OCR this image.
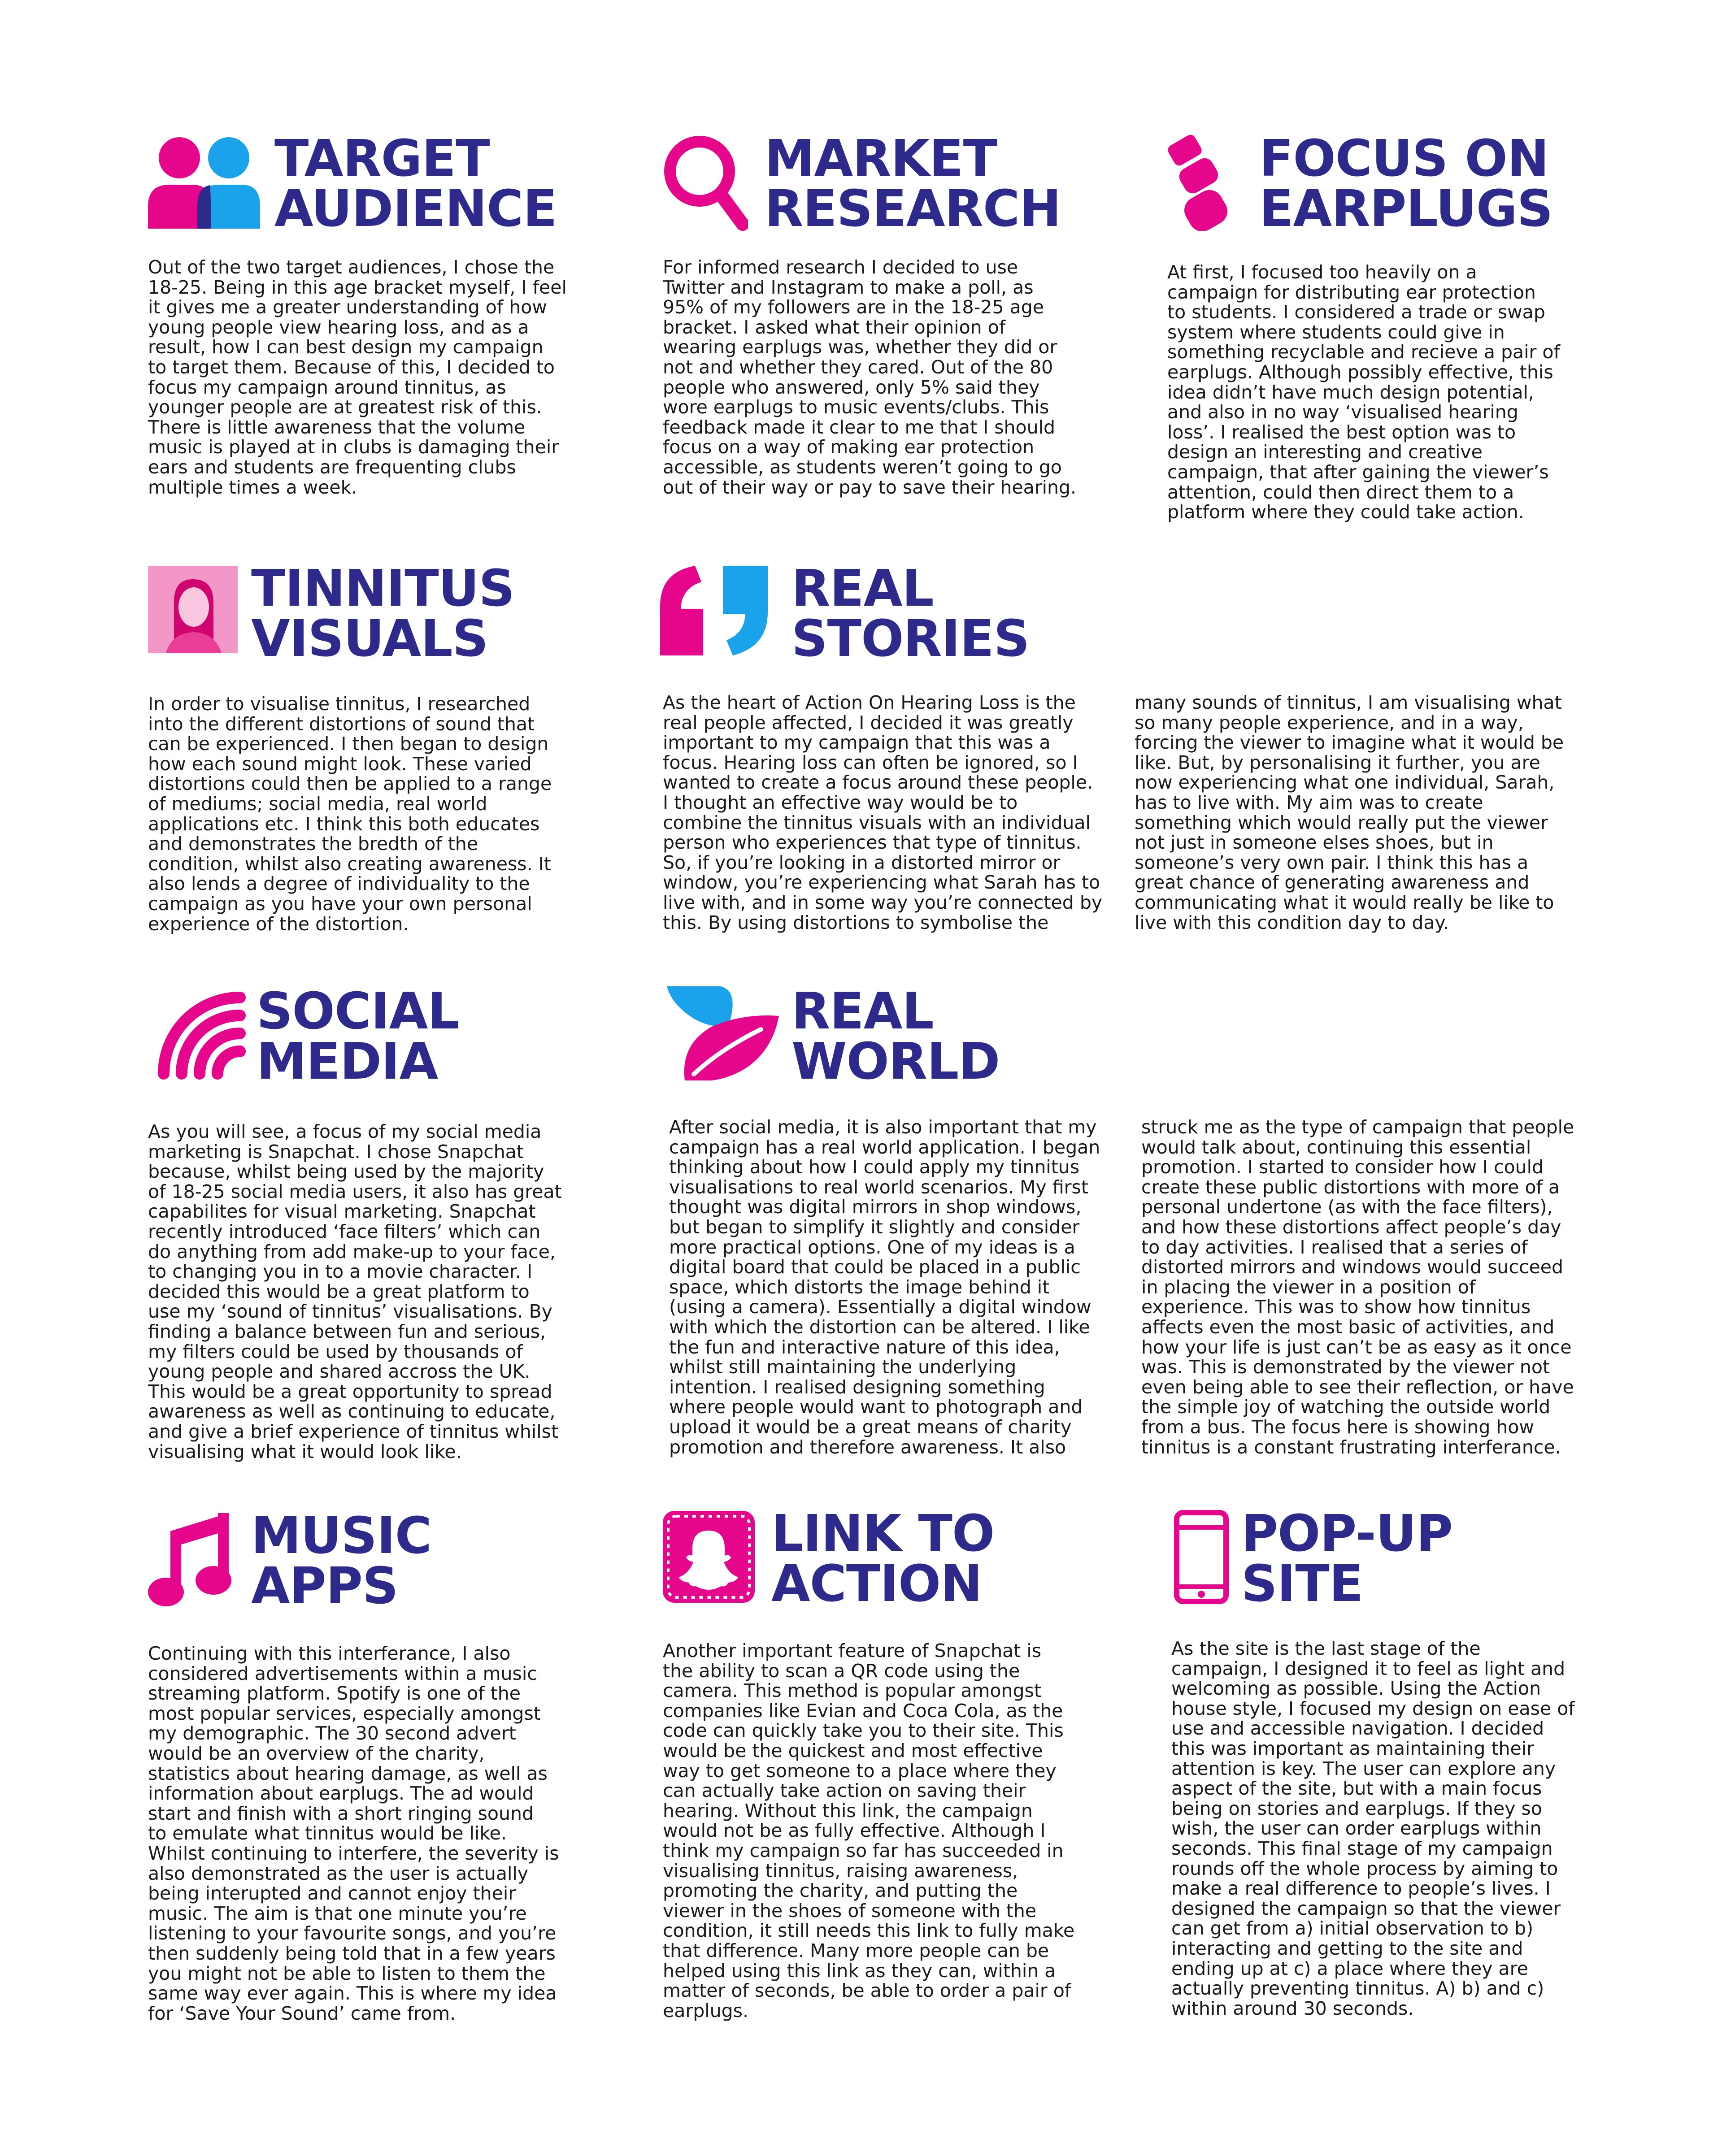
TARGET
AUDIENCE

Out of the two target audiences, I chose the
18-25. Being in this age bracket myself, I feel
it gives me a greater understanding of how
young people view hearing loss, and as a
result, how I can best design my campaign
to target them. Because of this, I decided to
focus my campaign around tinnitus, as
younger people are at greatest risk of this.
There is little awareness that the volume
music is played at in clubs is damaging their
ears and students are frequenting clubs
multiple times a week.

MARKET
RESEARCH

For informed research I decided to use
Twitter and Instagram to make a poll, as
95% of my followers are in the 18-25 age
bracket. I asked what their opinion of
wearing earplugs was, whether they did or
not and whether they cared. Out of the 80
people who answered, only 5% said they
wore earplugs to music events/clubs. This
feedback made it clear to me that I should
focus on a way of making ear protection
accessible, as students weren’t going to go
out of their way or pay to save their hearing.

FOCUS ON
EARPLUGS

At first, I focused too heavily on a
campaign for distributing ear protection
to students. I considered a trade or swap
system where students could give in
something recyclable and recieve a pair of
earplugs. Although possibly effective, this
idea didn’t have much design potential,
and also in no way ‘visualised hearing
loss’. I realised the best option was to
design an interesting and creative
campaign, that after gaining the viewer’s
attention, could then direct them to a
platform where they could take action.

TINNITUS
VISUALS

In order to visualise tinnitus, I researched
into the different distortions of sound that
can be experienced. I then began to design
how each sound might look. These varied
distortions could then be applied to a range
of mediums; social media, real world
applications etc. I think this both educates
and demonstrates the bredth of the
condition, whilst also creating awareness. It
also lends a degree of individuality to the
campaign as you have your own personal
experience of the distortion.

REAL
STORIES

As the heart of Action On Hearing Loss is the
real people affected, I decided it was greatly
important to my campaign that this was a
focus. Hearing loss can often be ignored, so I
wanted to create a focus around these people.
I thought an effective way would be to
combine the tinnitus visuals with an individual
person who experiences that type of tinnitus.
So, if you’re looking in a distorted mirror or
window, you’re experiencing what Sarah has to
live with, and in some way you’re connected by
this. By using distortions to symbolise the

many sounds of tinnitus, I am visualising what
so many people experience, and in a way,
forcing the viewer to imagine what it would be
like. But, by personalising it further, you are
now experiencing what one individual, Sarah,
has to live with. My aim was to create
something which would really put the viewer
not just in someone elses shoes, but in
someone’s very own pair. I think this has a
great chance of generating awareness and
communicating what it would really be like to
live with this condition day to day.

SOCIAL
MEDIA

As you will see, a focus of my social media
marketing is Snapchat. I chose Snapchat
because, whilst being used by the majority
of 18-25 social media users, it also has great
capabilites for visual marketing. Snapchat
recently introduced ‘face filters’ which can
do anything from add make-up to your face,
to changing you in to a movie character. I
decided this would be a great platform to
use my ‘sound of tinnitus’ visualisations. By
finding a balance between fun and serious,
my filters could be used by thousands of
young people and shared accross the UK.
This would be a great opportunity to spread
awareness as well as continuing to educate,
and give a brief experience of tinnitus whilst
visualising what it would look like.

REAL
WORLD

After social media, it is also important that my
campaign has a real world application. I began
thinking about how I could apply my tinnitus
visualisations to real world scenarios. My first
thought was digital mirrors in shop windows,
but began to simplify it slightly and consider
more practical options. One of my ideas is a
digital board that could be placed in a public
space, which distorts the image behind it
(using a camera). Essentially a digital window
with which the distortion can be altered. I like
the fun and interactive nature of this idea,
whilst still maintaining the underlying
intention. I realised designing something
where people would want to photograph and
upload it would be a great means of charity
promotion and therefore awareness. It also

struck me as the type of campaign that people
would talk about, continuing this essential
promotion. I started to consider how I could
create these public distortions with more of a
personal undertone (as with the face filters),
and how these distortions affect people’s day
to day activities. I realised that a series of
distorted mirrors and windows would succeed
in placing the viewer in a position of
experience. This was to show how tinnitus
affects even the most basic of activities, and
how your life is just can’t be as easy as it once
was. This is demonstrated by the viewer not
even being able to see their reflection, or have
the simple joy of watching the outside world
from a bus. The focus here is showing how
tinnitus is a constant frustrating interferance.

MUSIC
APPS

Continuing with this interferance, I also
considered advertisements within a music
streaming platform. Spotify is one of the
most popular services, especially amongst
my demographic. The 30 second advert
would be an overview of the charity,
statistics about hearing damage, as well as
information about earplugs. The ad would
start and finish with a short ringing sound
to emulate what tinnitus would be like.
Whilst continuing to interfere, the severity is
also demonstrated as the user is actually
being interupted and cannot enjoy their
music. The aim is that one minute you’re
listening to your favourite songs, and you’re
then suddenly being told that in a few years
you might not be able to listen to them the
same way ever again. This is where my idea
for ‘Save Your Sound’ came from.

LINK TO
ACTION

Another important feature of Snapchat is
the ability to scan a QR code using the
camera. This method is popular amongst
companies like Evian and Coca Cola, as the
code can quickly take you to their site. This
would be the quickest and most effective
way to get someone to a place where they
can actually take action on saving their
hearing. Without this link, the campaign
would not be as fully effective. Although I
think my campaign so far has succeeded in
visualising tinnitus, raising awareness,
promoting the charity, and putting the
viewer in the shoes of someone with the
condition, it still needs this link to fully make
that difference. Many more people can be
helped using this link as they can, within a
matter of seconds, be able to order a pair of
earplugs.

POP-UP
SITE

As the site is the last stage of the
campaign, I designed it to feel as light and
welcoming as possible. Using the Action
house style, I focused my design on ease of
use and accessible navigation. I decided
this was important as maintaining their
attention is key. The user can explore any
aspect of the site, but with a main focus
being on stories and earplugs. If they so
wish, the user can order earplugs within
seconds. This final stage of my campaign
rounds off the whole process by aiming to
make a real difference to people’s lives. I
designed the campaign so that the viewer
can get from a) initial observation to b)
interacting and getting to the site and
ending up at c) a place where they are
actually preventing tinnitus. A) b) and c)
within around 30 seconds.
